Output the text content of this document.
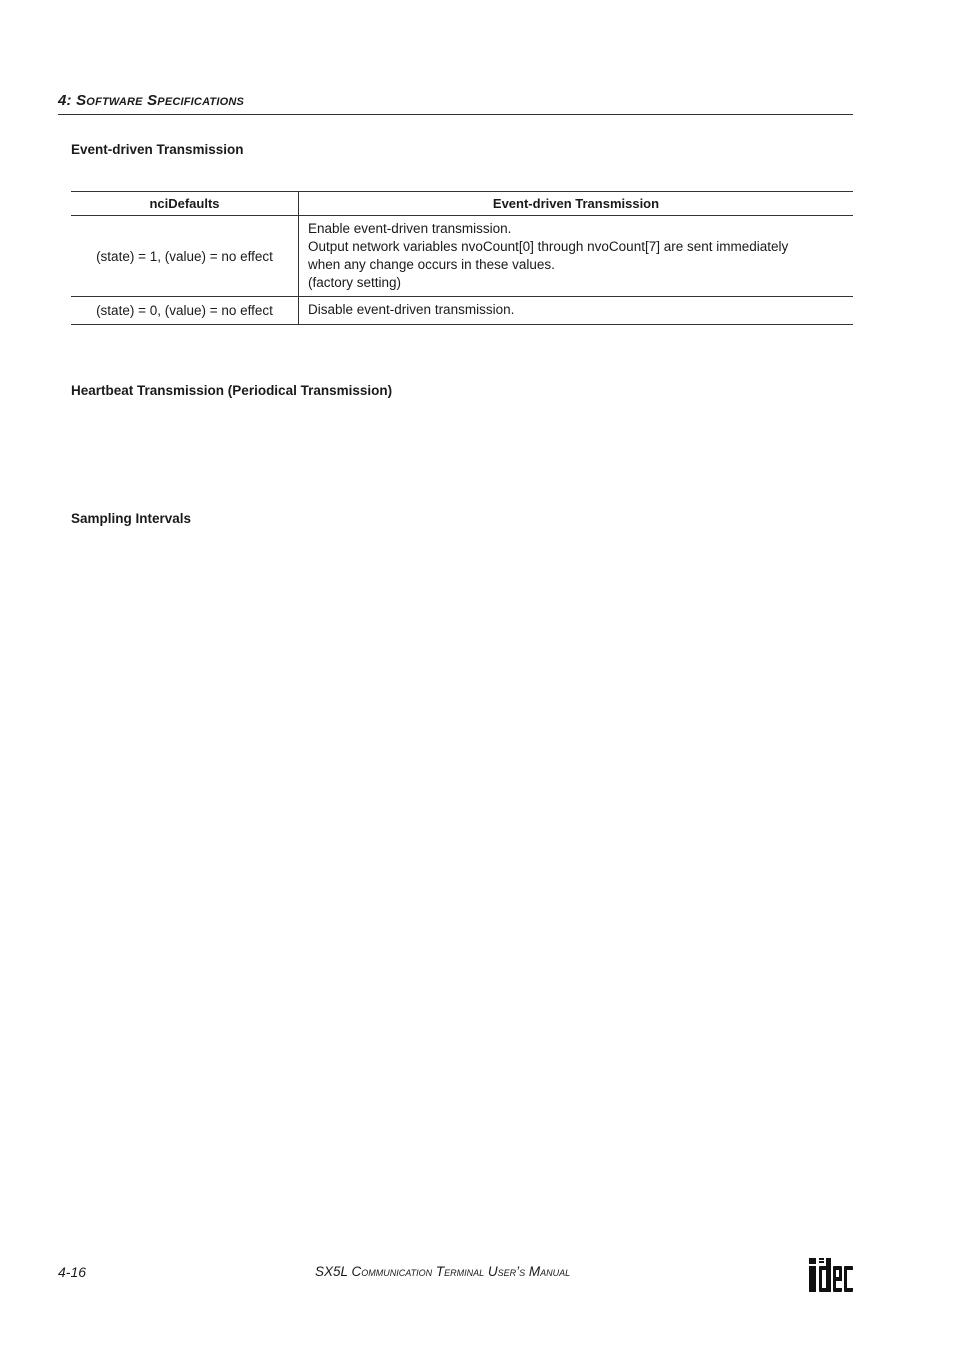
4: Software Specifications
Event-driven Transmission
nciDefaults	Event-driven Transmission
(state) = 1, (value) = no effect	Enable event-driven transmission.
Output network variables nvoCount[0] through nvoCount[7] are sent immediately
when any change occurs in these values.
(factory setting)

(state) = 0, (value) = no effect	Disable event-driven transmission.
Heartbeat Transmission (Periodical Transmission)
Sampling Intervals
4-16	SX5L Communication Terminal User’s Manual
